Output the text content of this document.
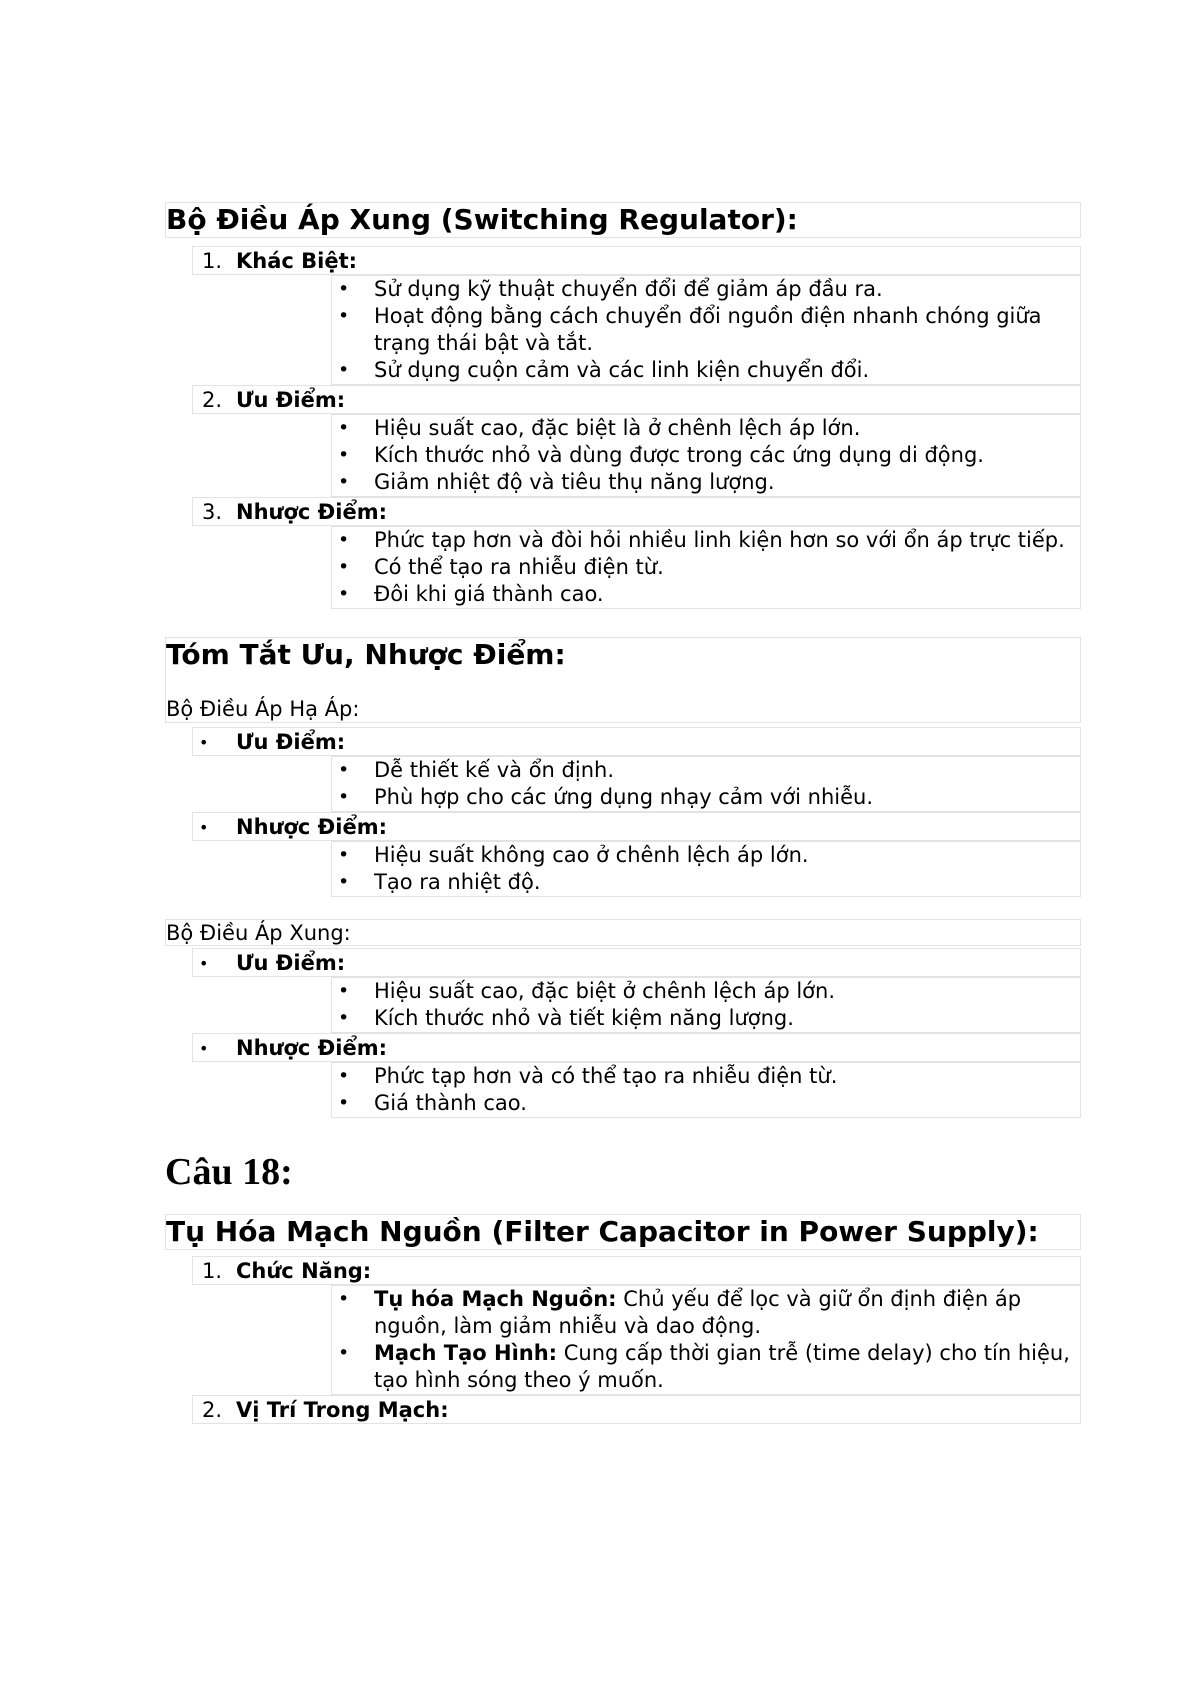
Bộ Điều Áp Xung (Switching Regulator):
1. Khác Biệt:
• Sử dụng kỹ thuật chuyển đổi để giảm áp đầu ra.
• Hoạt động bằng cách chuyển đổi nguồn điện nhanh chóng giữa trạng thái bật và tắt.
• Sử dụng cuộn cảm và các linh kiện chuyển đổi.
2. Ưu Điểm:
• Hiệu suất cao, đặc biệt là ở chênh lệch áp lớn.
• Kích thước nhỏ và dùng được trong các ứng dụng di động.
• Giảm nhiệt độ và tiêu thụ năng lượng.
3. Nhược Điểm:
• Phức tạp hơn và đòi hỏi nhiều linh kiện hơn so với ổn áp trực tiếp.
• Có thể tạo ra nhiễu điện từ.
• Đôi khi giá thành cao.
Tóm Tắt Ưu, Nhược Điểm:
Bộ Điều Áp Hạ Áp:
•	Ưu Điểm:
• Dễ thiết kế và ổn định.
• Phù hợp cho các ứng dụng nhạy cảm với nhiễu.
•	Nhược Điểm:
• Hiệu suất không cao ở chênh lệch áp lớn.
• Tạo ra nhiệt độ.
Bộ Điều Áp Xung:
•	Ưu Điểm:
• Hiệu suất cao, đặc biệt ở chênh lệch áp lớn.
• Kích thước nhỏ và tiết kiệm năng lượng.
•	Nhược Điểm:
• Phức tạp hơn và có thể tạo ra nhiễu điện từ.
• Giá thành cao.
Câu 18:
Tụ Hóa Mạch Nguồn (Filter Capacitor in Power Supply):
1. Chức Năng:
• Tụ hóa Mạch Nguồn: Chủ yếu để lọc và giữ ổn định điện áp nguồn, làm giảm nhiễu và dao động.
• Mạch Tạo Hình: Cung cấp thời gian trễ (time delay) cho tín hiệu, tạo hình sóng theo ý muốn.
2. Vị Trí Trong Mạch:
